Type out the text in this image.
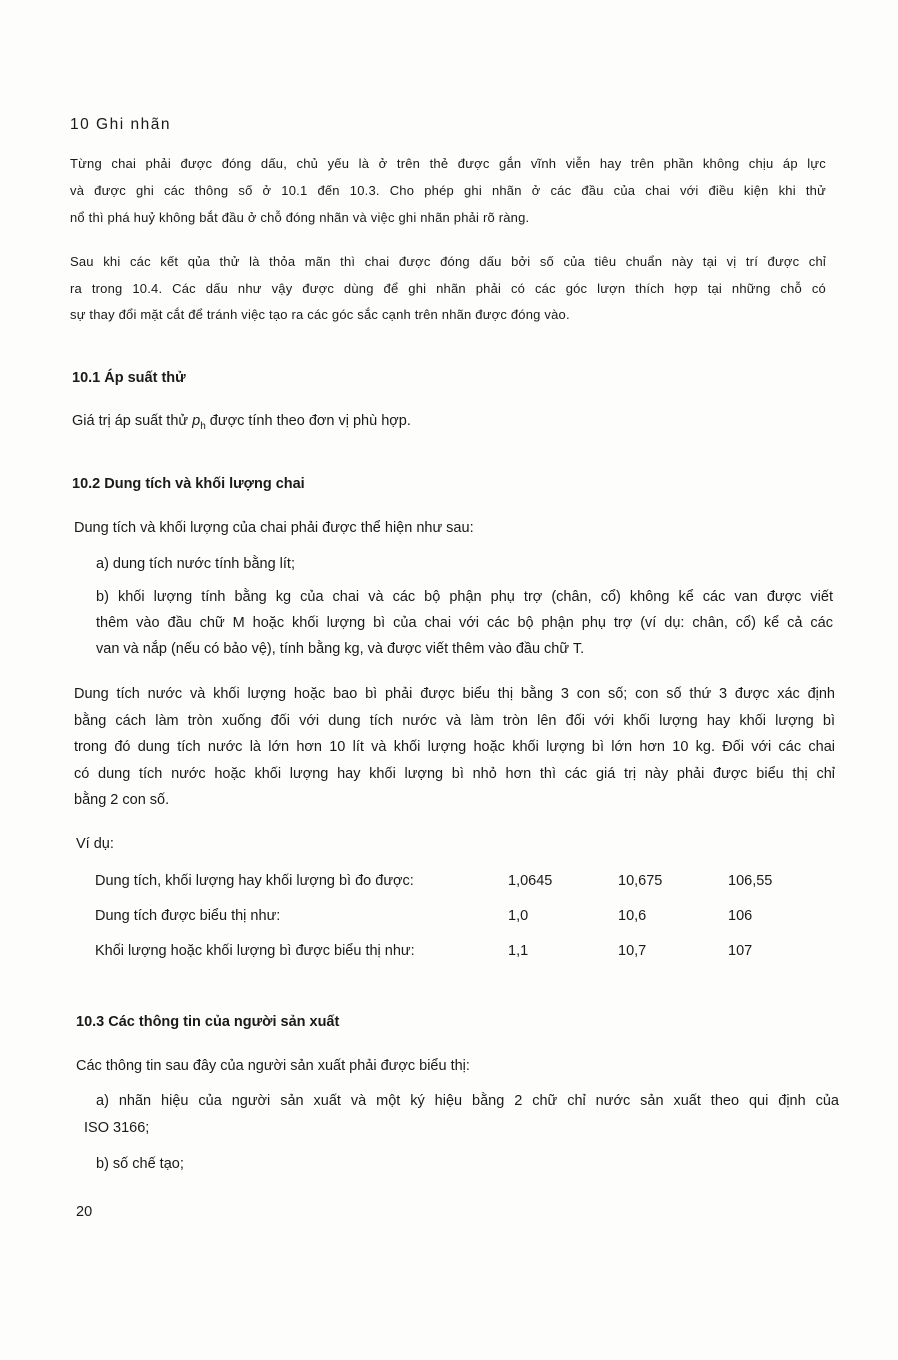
10 Ghi nhãn
Từng chai phải được đóng dấu, chủ yếu là ở trên thẻ được gắn vĩnh viễn hay trên phần không chịu áp lực
và được ghi các thông số ở 10.1 đến 10.3. Cho phép ghi nhãn ở các đầu của chai với điều kiện khi thử
nổ thì phá huỷ không bắt đầu ở chỗ đóng nhãn và việc ghi nhãn phải rõ ràng.
Sau khi các kết qủa thử là thỏa mãn thì chai được đóng dấu bởi số của tiêu chuẩn này tại vị trí được chỉ
ra trong 10.4. Các dấu như vậy được dùng để ghi nhãn phải có các góc lượn thích hợp tại những chỗ có
sự thay đổi mặt cắt để tránh việc tạo ra các góc sắc cạnh trên nhãn được đóng vào.
10.1 Áp suất thử
Giá trị áp suất thử $p_h$ được tính theo đơn vị phù hợp.
10.2 Dung tích và khối lượng chai
Dung tích và khối lượng của chai phải được thể hiện như sau:
a) dung tích nước tính bằng lít;
b) khối lượng tính bằng kg của chai và các bộ phận phụ trợ (chân, cổ) không kể các van được viết
thêm vào đầu chữ M hoặc khối lượng bì của chai với các bộ phận phụ trợ (ví dụ: chân, cổ) kể cả các
van và nắp (nếu có bảo vệ), tính bằng kg, và được viết thêm vào đầu chữ T.
Dung tích nước và khối lượng hoặc bao bì phải được biểu thị bằng 3 con số; con số thứ 3 được xác định
bằng cách làm tròn xuống đối với dung tích nước và làm tròn lên đối với khối lượng hay khối lượng bì
trong đó dung tích nước là lớn hơn 10 lít và khối lượng hoặc khối lượng bì lớn hơn 10 kg. Đối với các chai
có dung tích nước hoặc khối lượng hay khối lượng bì nhỏ hơn thì các giá trị này phải được biểu thị chỉ
bằng 2 con số.
Ví dụ:
Dung tích, khối lượng hay khối lượng bì đo được:	1,0645	10,675	106,55
Dung tích được biểu thị như:	1,0	10,6	106
Khối lượng hoặc khối lượng bì được biểu thị như:	1,1	10,7	107
10.3 Các thông tin của người sản xuất
Các thông tin sau đây của người sản xuất phải được biểu thị:
a) nhãn hiệu của người sản xuất và một ký hiệu bằng 2 chữ chỉ nước sản xuất theo qui định của
ISO 3166;
b) số chế tạo;
20
